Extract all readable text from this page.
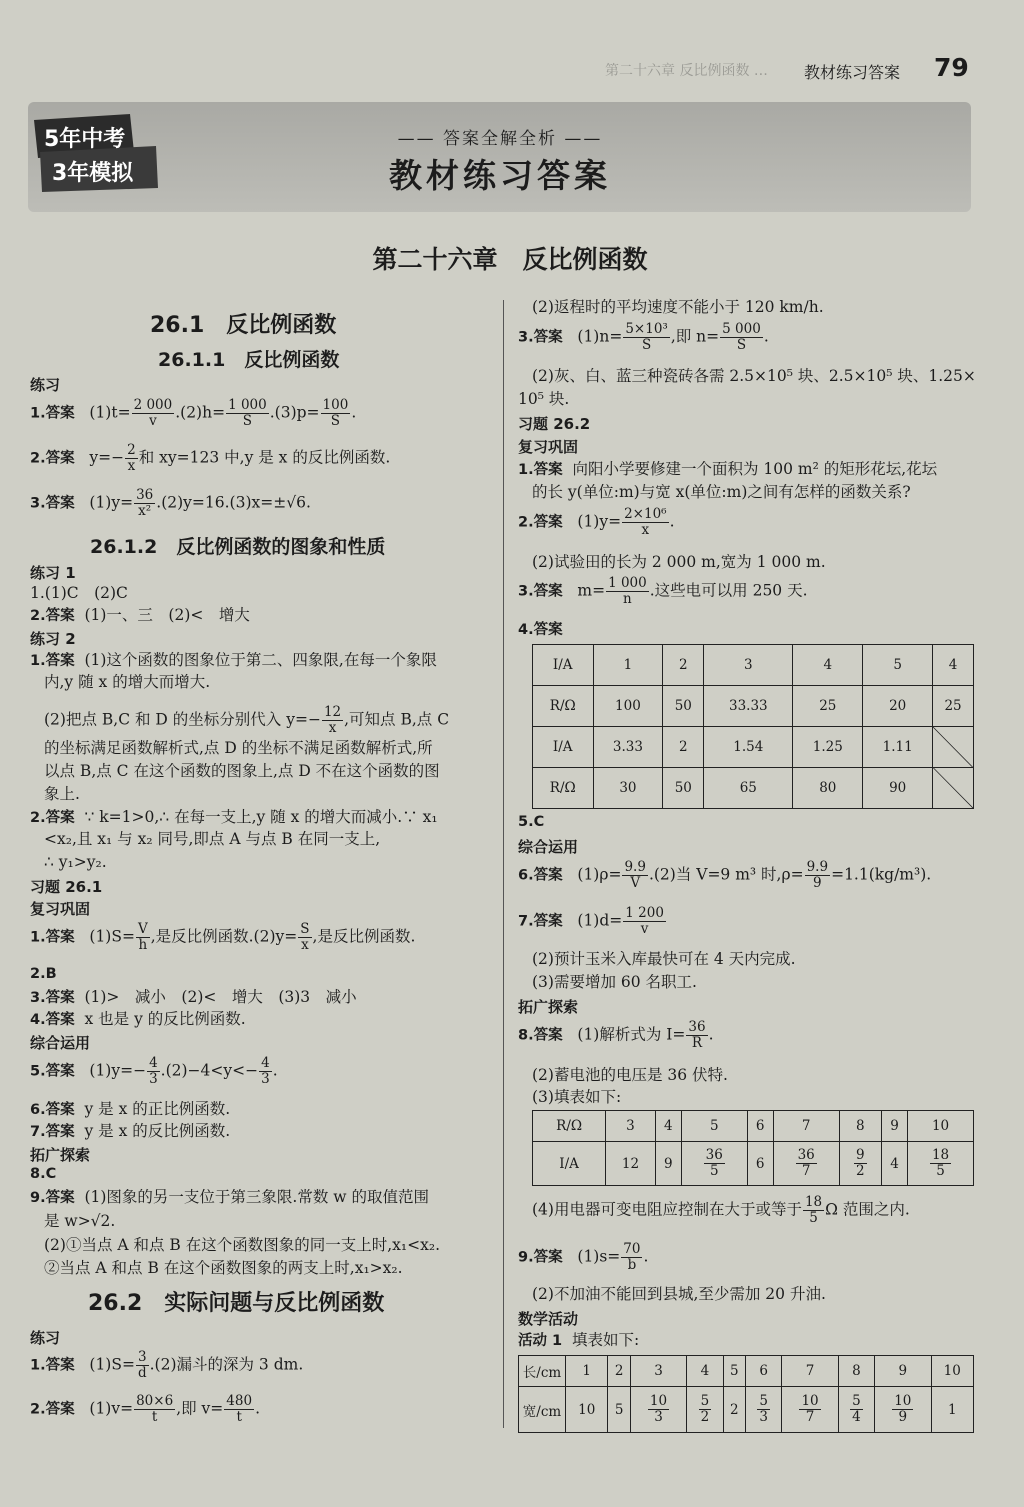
第二十六章 反比例函数 … 教材练习答案 79
5年中考
3年模拟
—— 答案全解全析 ——
教材练习答案
第二十六章　反比例函数
26.1　反比例函数
26.1.1　反比例函数
练习
1.答案 $(1)t= \frac{2 000}{v} .(2)h= \frac{1 000}{S} .(3)p= \frac{100}{S}$ .
2.答案 $y=- \frac{2}{x}$ 和 xy=123 中,y 是 x 的反比例函数.
3.答案 $(1)y= \frac{36}{\text{x²}} .(2)y=16.(3)x=\pm√6$.
26.1.2　反比例函数的图象和性质
练习 1
1.(1)C　(2)C
2.答案 (1)一、三　(2)<　增大
练习 2
1.答案 (1)这个函数的图象位于第二、四象限,在每一个象限
内,y 随 x 的增大而增大.
(2)把点 B,C 和 D 的坐标分别代入 $y=- \frac{12}{x}$ ,可知点 B,点 C
的坐标满足函数解析式,点 D 的坐标不满足函数解析式,所
以点 B,点 C 在这个函数的图象上,点 D 不在这个函数的图
象上.
2.答案 ∵ k=1>0,∴ 在每一支上,y 随 x 的增大而减小.∵ x₁
<x₂,且 x₁ 与 x₂ 同号,即点 A 与点 B 在同一支上,
∴ y₁>y₂.
习题 26.1
复习巩固
1.答案 $(1)S= \frac{V}{h}$ ,是反比例函数$.(2)y= \frac{S}{x}$ ,是反比例函数.
2.B
3.答案 (1)>　减小　(2)<　增大　(3)3　减小
4.答案 x 也是 y 的反比例函数.
综合运用
5.答案 $(1)y=- \frac{4}{3} .(2)-4<y<- \frac{4}{3}$ .
6.答案 y 是 x 的正比例函数.
7.答案 y 是 x 的反比例函数.
拓广探索
8.C
9.答案 (1)图象的另一支位于第三象限.常数 w 的取值范围
是 w>√2.
(2)①当点 A 和点 B 在这个函数图象的同一支上时,x₁<x₂.
②当点 A 和点 B 在这个函数图象的两支上时,x₁>x₂.
26.2　实际问题与反比例函数
练习
1.答案 $(1)S= \frac{3}{d} .(2)$漏斗的深为 3 dm.
2.答案 $(1)v= \frac{80\times 6}{t}$ ,即 $v= \frac{480}{t}$ .
(2)返程时的平均速度不能小于 120 km/h.
3.答案 $(1)n= \frac{\text{5×10³}}{S}$ ,即 $n= \frac{5 000}{S}$ .
(2)灰、白、蓝三种瓷砖各需 2.5×10⁵ 块、2.5×10⁵ 块、1.25×
10⁵ 块.
习题 26.2
复习巩固
1.答案 向阳小学要修建一个面积为 100 m² 的矩形花坛,花坛
的长 y(单位:m)与宽 x(单位:m)之间有怎样的函数关系?
2.答案 $(1)y= \frac{\text{2×10⁶}}{x}$ .
(2)试验田的长为 2 000 m,宽为 1 000 m.
3.答案 $m= \frac{1 000}{n}$ .这些电可以用 250 天.
4.答案
I/A	1	2	3	4	5	4
R/Ω	100	50	33.33	25	20	25
I/A	3.33	2	1.54	1.25	1.11	

R/Ω	30	50	65	80	90	
5.C
综合运用
6.答案 $(1)\rho= \frac{9.9}{V} .(2)$当 V=9 m³ 时$,\rho= \frac{9.9}{9} =1.1(kg/m^3)$.
7.答案 $(1)d= \frac{1 200}{v}$
(2)预计玉米入库最快可在 4 天内完成.
(3)需要增加 60 名职工.
拓广探索
8.答案 (1)解析式为 $I= \frac{36}{R}$ .
(2)蓄电池的电压是 36 伏特.
(3)填表如下:
R/Ω	3	4	5	6	7	8	9	10
I/A	12	9	$\frac{36}{5}$	6	$\frac{36}{7}$	$\frac{9}{2}$	4	$\frac{18}{5}$
(4)用电器可变电阻应控制在大于或等于 $\frac{18}{5}$ Ω 范围之内.
9.答案 $(1)s= \frac{70}{b}$ .
(2)不加油不能回到县城,至少需加 20 升油.
数学活动
活动 1 填表如下:
长/cm	1	2	3	4	5	6	7	8	9	10
宽/cm	10	5	$\frac{10}{3}$	$\frac{5}{2}$	2	$\frac{5}{3}$	$\frac{10}{7}$	$\frac{5}{4}$	$\frac{10}{9}$	1
